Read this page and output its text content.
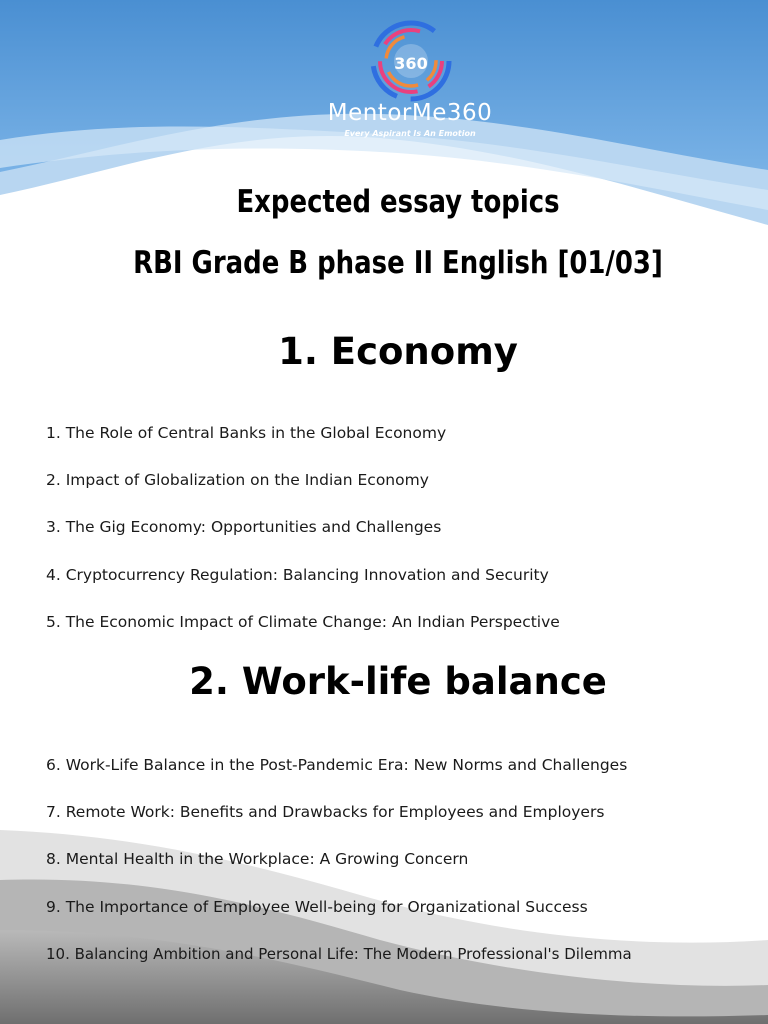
360
MentorMe360
Every Aspirant Is An Emotion
Expected essay topics
RBI Grade B phase II English [01/03]
1. Economy
1. The Role of Central Banks in the Global Economy
2. Impact of Globalization on the Indian Economy
3. The Gig Economy: Opportunities and Challenges
4. Cryptocurrency Regulation: Balancing Innovation and Security
5. The Economic Impact of Climate Change: An Indian Perspective
2. Work-life balance
6. Work-Life Balance in the Post-Pandemic Era: New Norms and Challenges
7. Remote Work: Benefits and Drawbacks for Employees and Employers
8. Mental Health in the Workplace: A Growing Concern
9. The Importance of Employee Well-being for Organizational Success
10. Balancing Ambition and Personal Life: The Modern Professional's Dilemma
